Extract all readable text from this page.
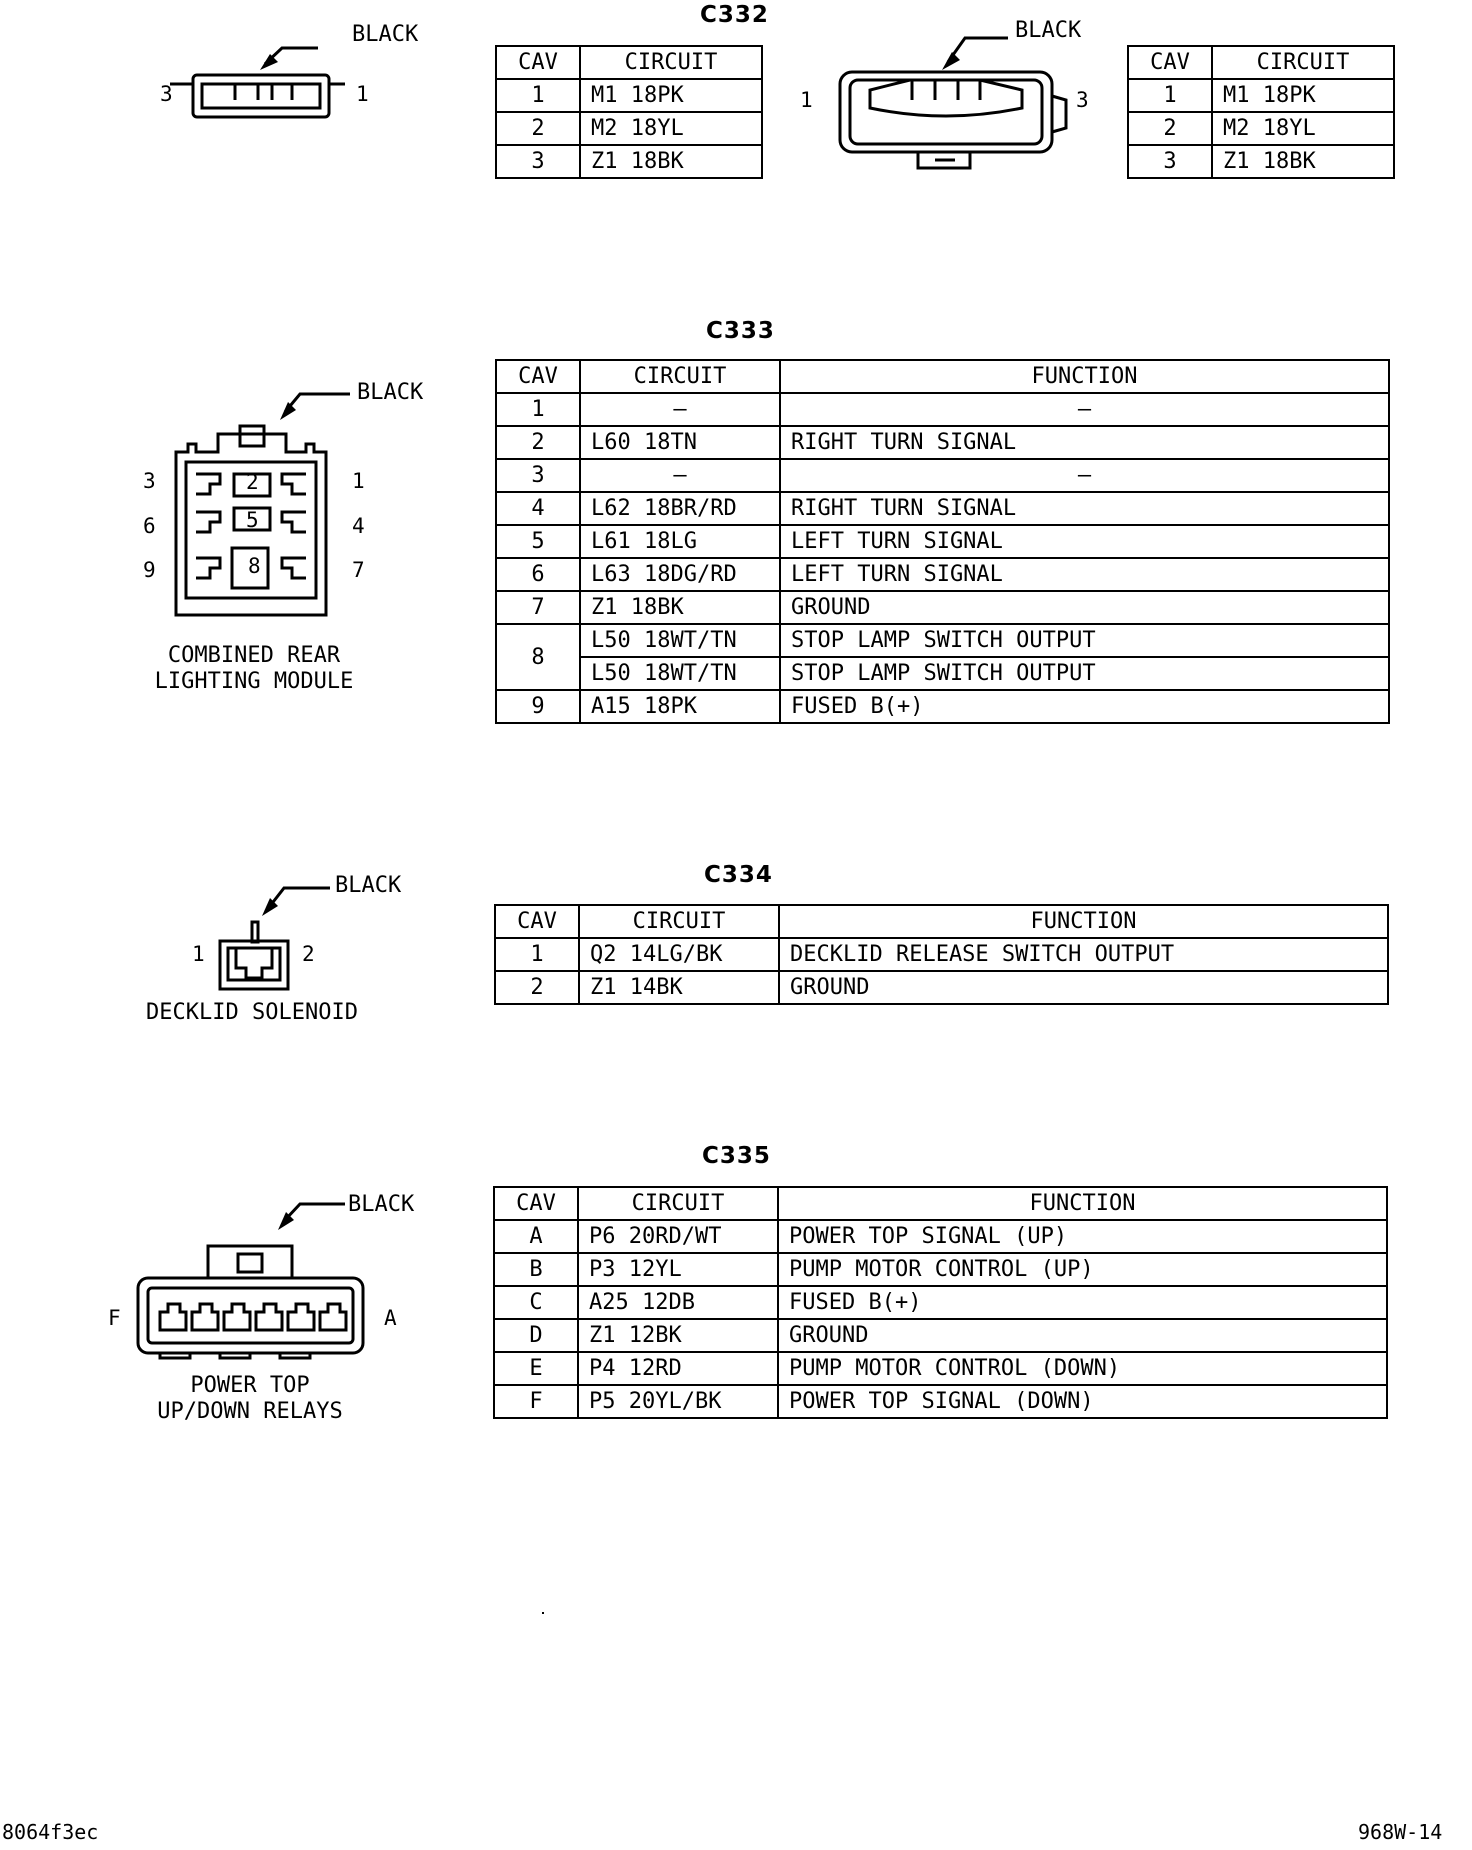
C332
BLACK
3	1
CAV	CIRCUIT
1	M1 18PK
2	M2 18YL
3	Z1 18BK
BLACK
1	3
CAV	CIRCUIT
1	M1 18PK
2	M2 18YL
3	Z1 18BK
C333
BLACK
1
2
3
4
5
6
7
8
9
COMBINED REAR
LIGHTING MODULE
CAV	CIRCUIT	FUNCTION
1	–	–
2	L60 18TN	RIGHT TURN SIGNAL
3	–	–
4	L62 18BR/RD	RIGHT TURN SIGNAL
5	L61 18LG	LEFT TURN SIGNAL
6	L63 18DG/RD	LEFT TURN SIGNAL
7	Z1 18BK	GROUND
8	L50 18WT/TN	STOP LAMP SWITCH OUTPUT
	L50 18WT/TN	STOP LAMP SWITCH OUTPUT
9	A15 18PK	FUSED B(+)
C334
BLACK
1	2
DECKLID SOLENOID
CAV	CIRCUIT	FUNCTION
1	Q2 14LG/BK	DECKLID RELEASE SWITCH OUTPUT
2	Z1 14BK	GROUND
C335
BLACK
F	A
POWER TOP
UP/DOWN RELAYS
CAV	CIRCUIT	FUNCTION
A	P6 20RD/WT	POWER TOP SIGNAL (UP)
B	P3 12YL	PUMP MOTOR CONTROL (UP)
C	A25 12DB	FUSED B(+)
D	Z1 12BK	GROUND
E	P4 12RD	PUMP MOTOR CONTROL (DOWN)
F	P5 20YL/BK	POWER TOP SIGNAL (DOWN)
8064f3ec	968W-14
